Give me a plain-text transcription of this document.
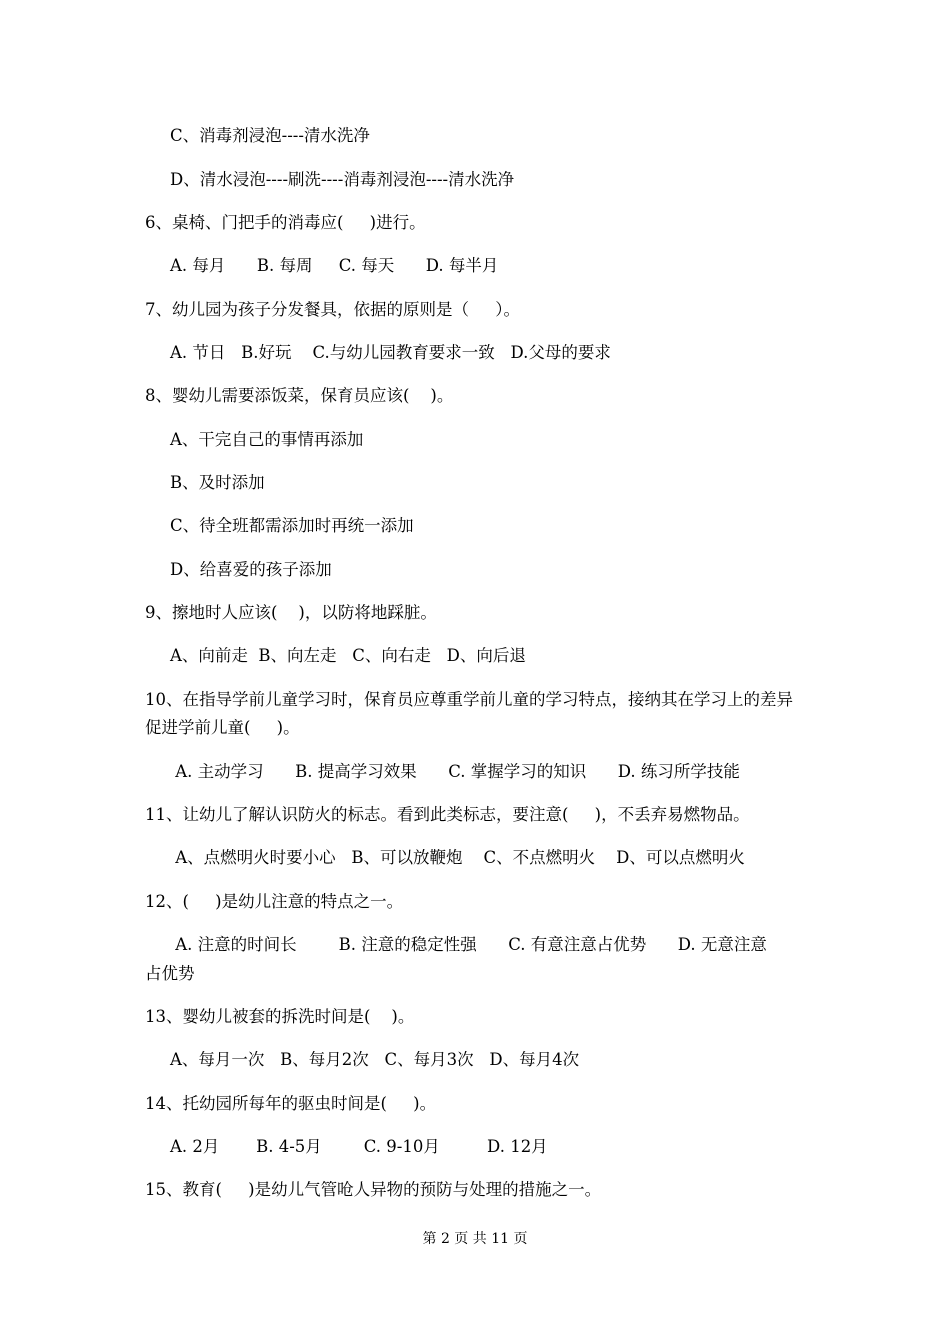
C、消毒剂浸泡----清水洗净
D、清水浸泡----刷洗----消毒剂浸泡----清水洗净
6、桌椅、门把手的消毒应(     )进行。
A. 每月      B. 每周     C. 每天      D. 每半月
7、幼儿园为孩子分发餐具，依据的原则是（     ）。
A. 节日   B.好玩    C.与幼儿园教育要求一致   D.父母的要求
8、婴幼儿需要添饭菜，保育员应该(    )。
A、干完自己的事情再添加
B、及时添加
C、待全班都需添加时再统一添加
D、给喜爱的孩子添加
9、擦地时人应该(    )，以防将地踩脏。
A、向前走  B、向左走   C、向右走   D、向后退
10、在指导学前儿童学习时，保育员应尊重学前儿童的学习特点，接纳其在学习上的差异
促进学前儿童(     )。
A. 主动学习      B. 提高学习效果      C. 掌握学习的知识      D. 练习所学技能
11、让幼儿了解认识防火的标志。看到此类标志，要注意(     )，不丢弃易燃物品。
A、点燃明火时要小心   B、可以放鞭炮    C、不点燃明火    D、可以点燃明火
12、(     )是幼儿注意的特点之一。
A. 注意的时间长        B. 注意的稳定性强      C. 有意注意占优势      D. 无意注意
占优势
13、婴幼儿被套的拆洗时间是(    )。
A、每月一次   B、每月2次   C、每月3次   D、每月4次
14、托幼园所每年的驱虫时间是(     )。
A. 2月       B. 4-5月        C. 9-10月         D. 12月
15、教育(     )是幼儿气管呛人异物的预防与处理的措施之一。
第 2 页 共 11 页
